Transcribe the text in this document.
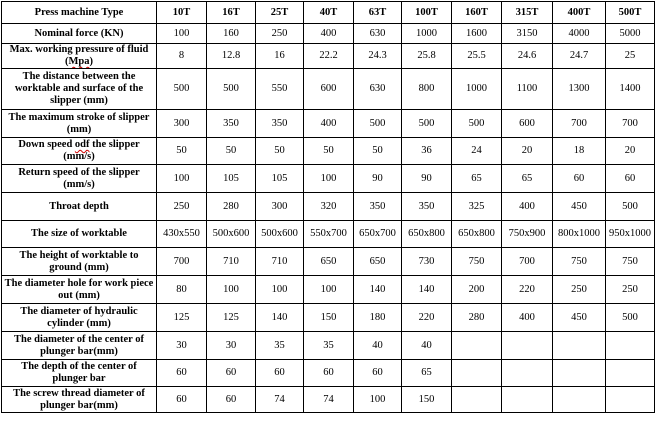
Press machine Type	10T	16T	25T	40T	63T	100T	160T	315T	400T	500T
Nominal force (KN)	100	160	250	400	630	1000	1600	3150	4000	5000
Max. working pressure of fluid (Mpa)	8	12.8	16	22.2	24.3	25.8	25.5	24.6	24.7	25
The distance between the worktable and surface of the slipper (mm)	500	500	550	600	630	800	1000	1100	1300	1400
The maximum stroke of slipper (mm)	300	350	350	400	500	500	500	600	700	700
Down speed odf the slipper (mm/s)	50	50	50	50	50	36	24	20	18	20
Return speed of the slipper (mm/s)	100	105	105	100	90	90	65	65	60	60
Throat depth	250	280	300	320	350	350	325	400	450	500
The size of worktable	430x550	500x600	500x600	550x700	650x700	650x800	650x800	750x900	800x1000	950x1000
The height of worktable to ground (mm)	700	710	710	650	650	730	750	700	750	750
The diameter hole for work piece out (mm)	80	100	100	100	140	140	200	220	250	250
The diameter of hydraulic cylinder (mm)	125	125	140	150	180	220	280	400	450	500
The diameter of the center of plunger bar(mm)	30	30	35	35	40	40				
The depth of the center of plunger bar	60	60	60	60	60	65				
The screw thread diameter of plunger bar(mm)	60	60	74	74	100	150				
